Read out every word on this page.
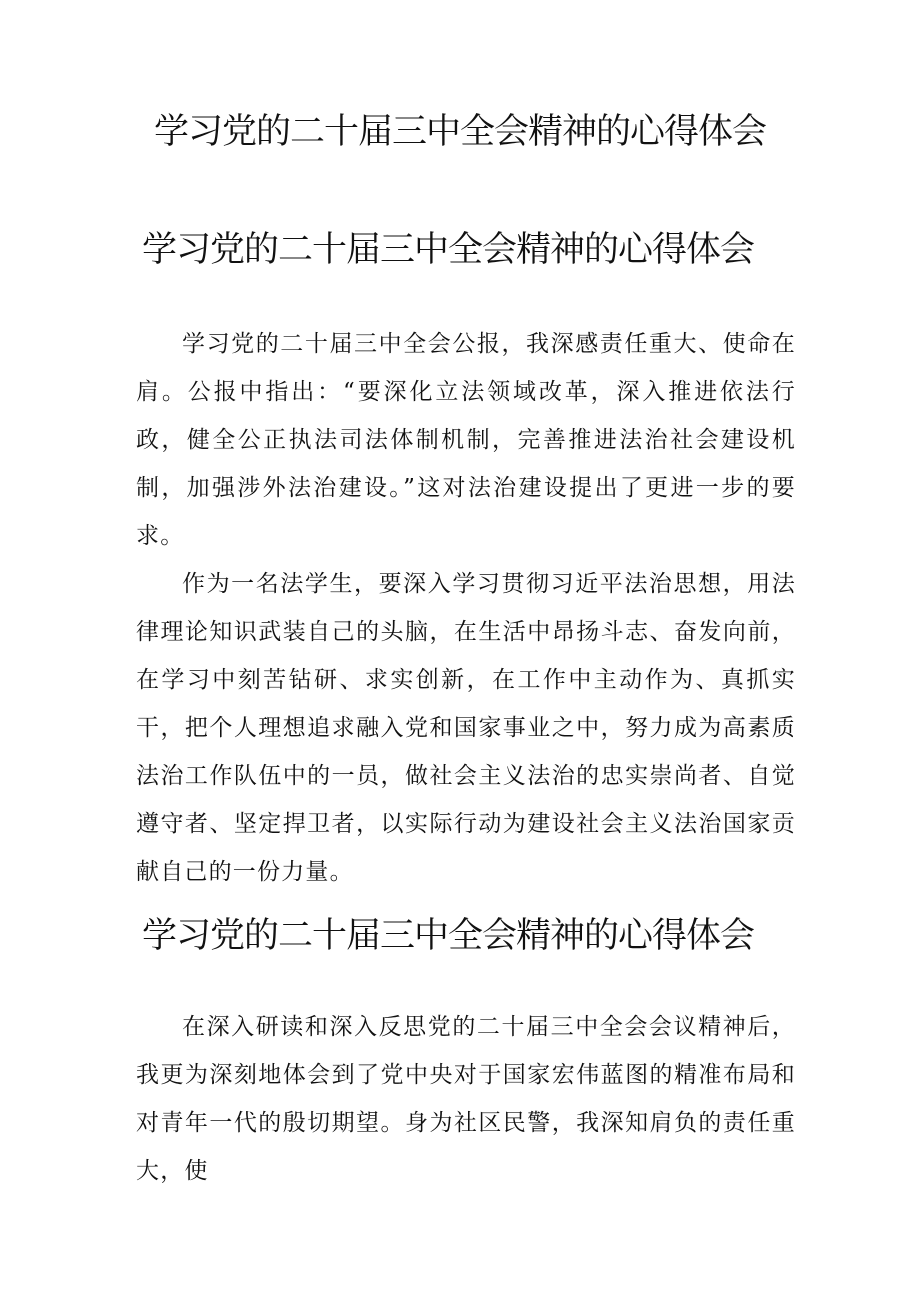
学习党的二十届三中全会精神的心得体会
学习党的二十届三中全会精神的心得体会

学习党的二十届三中全会公报，我深感责任重大、使命在肩。公报中指出：“要深化立法领域改革，深入推进依法行政，健全公正执法司法体制机制，完善推进法治社会建设机制，加强涉外法治建设。”这对法治建设提出了更进一步的要求。

作为一名法学生，要深入学习贯彻习近平法治思想，用法律理论知识武装自己的头脑，在生活中昂扬斗志、奋发向前，在学习中刻苦钻研、求实创新，在工作中主动作为、真抓实干，把个人理想追求融入党和国家事业之中，努力成为高素质法治工作队伍中的一员，做社会主义法治的忠实崇尚者、自觉遵守者、坚定捍卫者，以实际行动为建设社会主义法治国家贡献自己的一份力量。

学习党的二十届三中全会精神的心得体会

在深入研读和深入反思党的二十届三中全会会议精神后，我更为深刻地体会到了党中央对于国家宏伟蓝图的精准布局和对青年一代的殷切期望。身为社区民警，我深知肩负的责任重大，使
